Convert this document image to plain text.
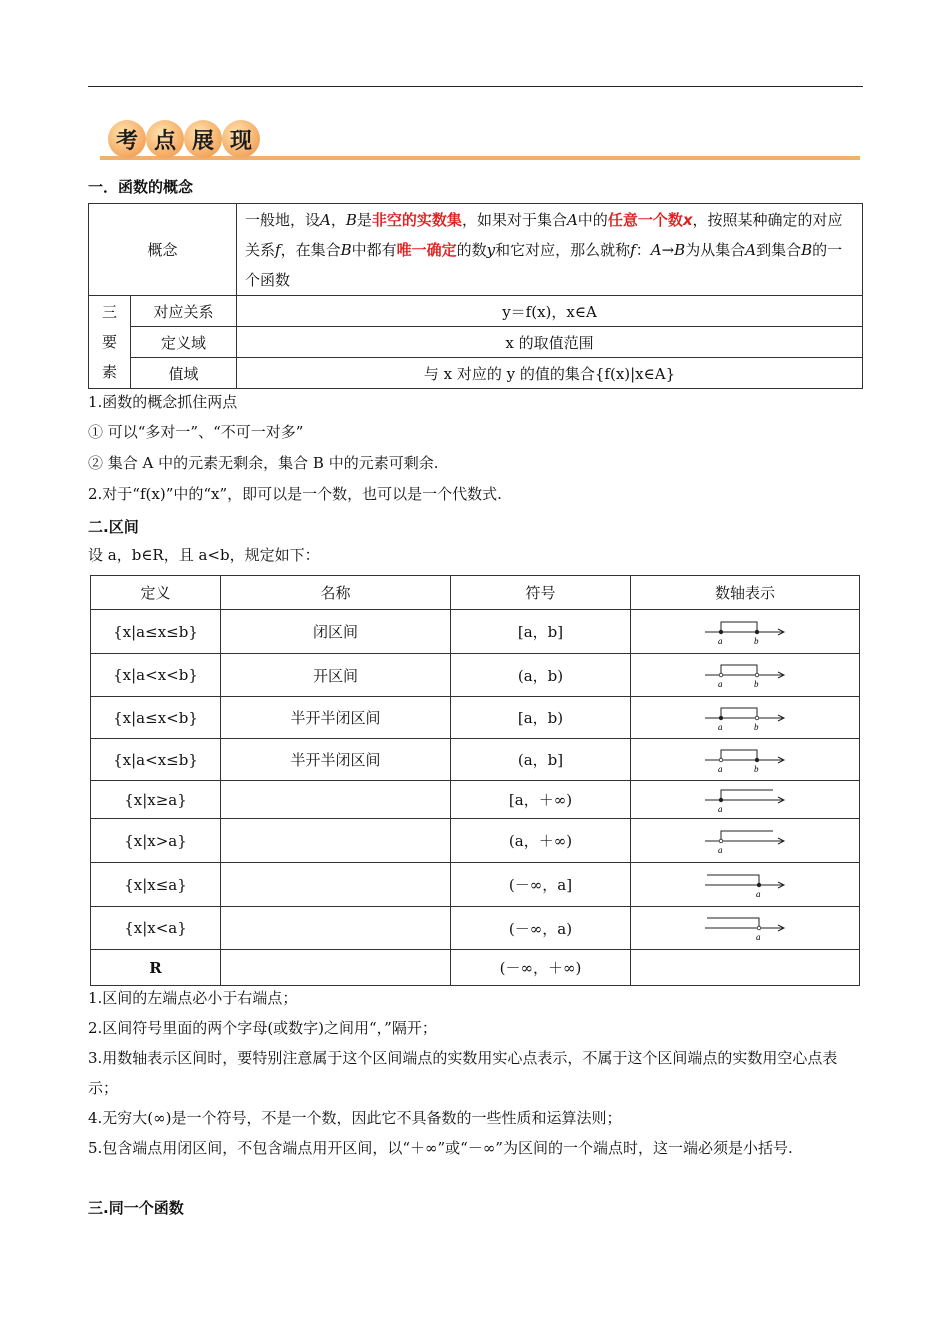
考 点 展 现
一．函数的概念
概念		一般地，设A，B是非空的实数集，如果对于集合A中的任意一个数x，按照某种确定的对应关系f，在集合B中都有唯一确定的数y和它对应，那么就称f：A→B为从集合A到集合B的一个函数

三
要
素	对应关系	y＝f(x)，x∈A
	定义域	x 的取值范围
	值域	与 x 对应的 y 的值的集合{f(x)|x∈A}
1.函数的概念抓住两点
① 可以“多对一”、“不可一对多”
② 集合 A 中的元素无剩余，集合 B 中的元素可剩余.
2.对于“f(x)”中的“x”，即可以是一个数，也可以是一个代数式.
二.区间
设 a，b∈R，且 a<b，规定如下：
定义	名称	符号	数轴表示
{x|a≤x≤b}	闭区间	[a，b]	a b

{x|a<x<b}	开区间	(a，b)	a b

{x|a≤x<b}	半开半闭区间	[a，b)	a b

{x|a<x≤b}	半开半闭区间	(a，b]	a b

{x|x≥a}		[a，＋∞)	a

{x|x>a}		(a，＋∞)	a

{x|x≤a}		(－∞，a]	a

{x|x<a}		(－∞，a)	a

R		(－∞，＋∞)	
1.区间的左端点必小于右端点；
2.区间符号里面的两个字母(或数字)之间用“，”隔开；
3.用数轴表示区间时，要特别注意属于这个区间端点的实数用实心点表示，不属于这个区间端点的实数用空心点表示；
4.无穷大(∞)是一个符号，不是一个数，因此它不具备数的一些性质和运算法则；
5.包含端点用闭区间，不包含端点用开区间，以“＋∞”或“－∞”为区间的一个端点时，这一端必须是小括号.
三.同一个函数
